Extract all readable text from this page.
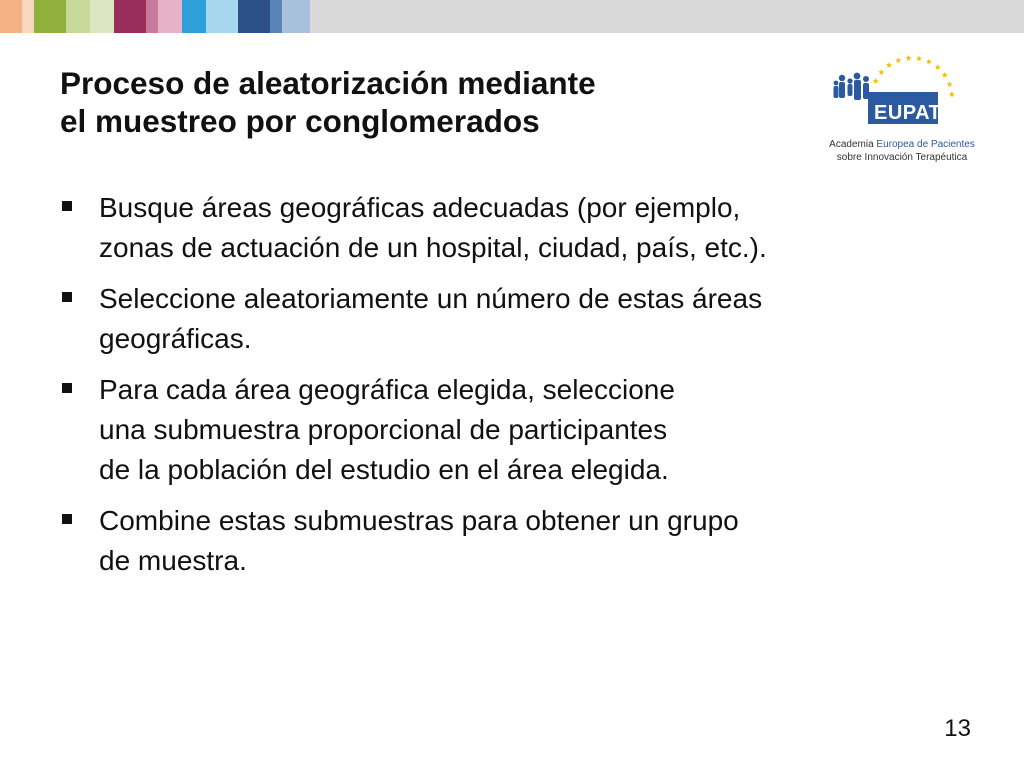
Proceso de aleatorización mediante
el muestreo por conglomerados	EUPATI
Academia Europea de Pacientes
sobre Innovación Terapéutica
Busque áreas geográficas adecuadas (por ejemplo,
zonas de actuación de un hospital, ciudad, país, etc.).
Seleccione aleatoriamente un número de estas áreas
geográficas.
Para cada área geográfica elegida, seleccione
una submuestra proporcional de participantes
de la población del estudio en el área elegida.
Combine estas submuestras para obtener un grupo
de muestra.
13
